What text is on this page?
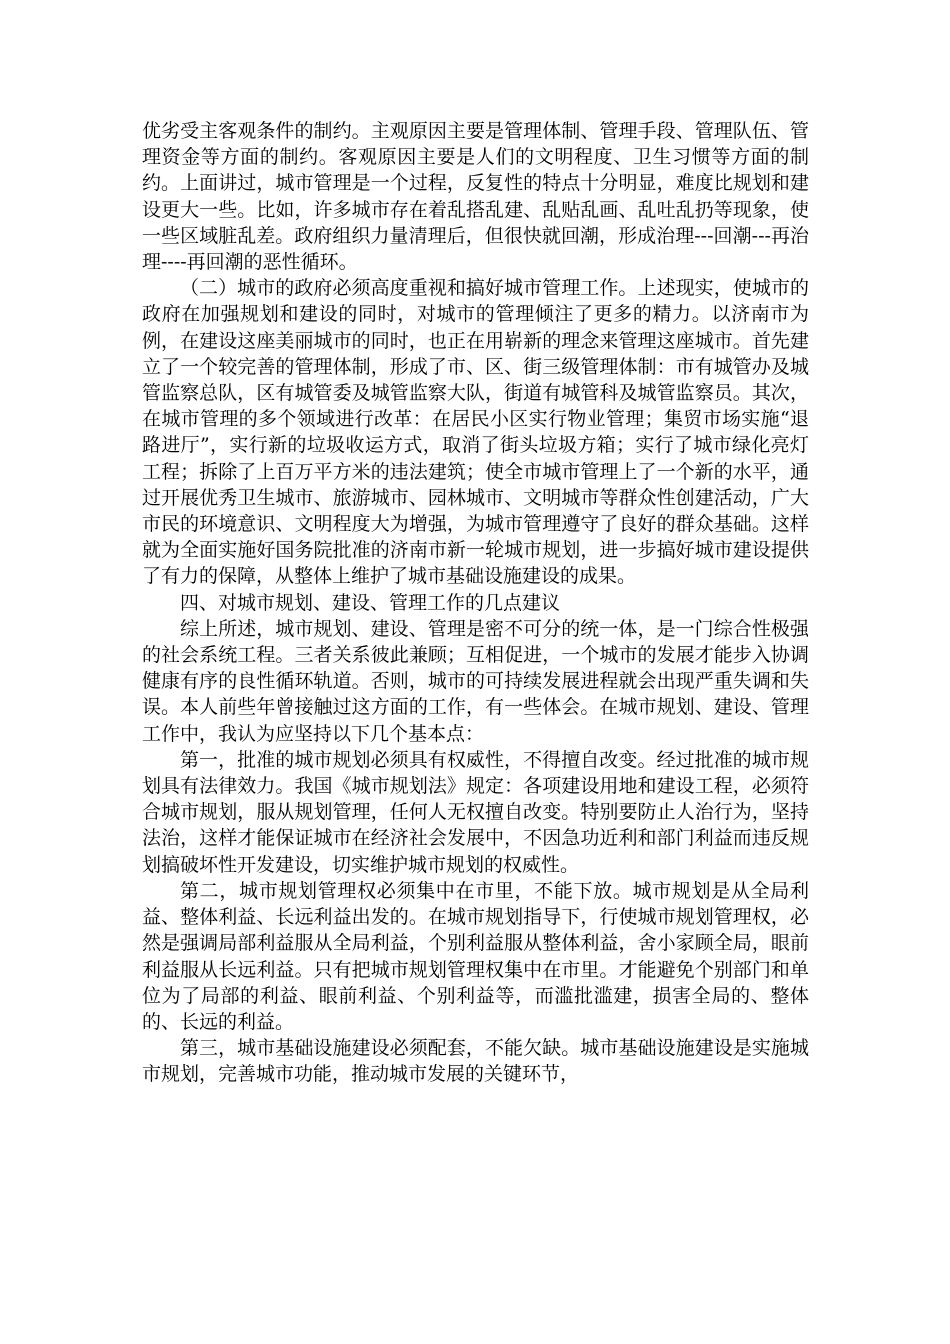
优劣受主客观条件的制约。主观原因主要是管理体制、管理手段、管理队伍、管理资金等方面的制约。客观原因主要是人们的文明程度、卫生习惯等方面的制约。上面讲过，城市管理是一个过程，反复性的特点十分明显，难度比规划和建设更大一些。比如，许多城市存在着乱搭乱建、乱贴乱画、乱吐乱扔等现象，使一些区域脏乱差。政府组织力量清理后，但很快就回潮，形成治理---回潮---再治理----再回潮的恶性循环。

（二）城市的政府必须高度重视和搞好城市管理工作。上述现实，使城市的政府在加强规划和建设的同时，对城市的管理倾注了更多的精力。以济南市为例，在建设这座美丽城市的同时，也正在用崭新的理念来管理这座城市。首先建立了一个较完善的管理体制，形成了市、区、街三级管理体制：市有城管办及城管监察总队，区有城管委及城管监察大队，街道有城管科及城管监察员。其次，在城市管理的多个领域进行改革：在居民小区实行物业管理；集贸市场实施“退路进厅”，实行新的垃圾收运方式，取消了街头垃圾方箱；实行了城市绿化亮灯工程；拆除了上百万平方米的违法建筑；使全市城市管理上了一个新的水平，通过开展优秀卫生城市、旅游城市、园林城市、文明城市等群众性创建活动，广大市民的环境意识、文明程度大为增强，为城市管理遵守了良好的群众基础。这样就为全面实施好国务院批准的济南市新一轮城市规划，进一步搞好城市建设提供了有力的保障，从整体上维护了城市基础设施建设的成果。

四、对城市规划、建设、管理工作的几点建议

综上所述，城市规划、建设、管理是密不可分的统一体，是一门综合性极强的社会系统工程。三者关系彼此兼顾；互相促进，一个城市的发展才能步入协调健康有序的良性循环轨道。否则，城市的可持续发展进程就会出现严重失调和失误。本人前些年曾接触过这方面的工作，有一些体会。在城市规划、建设、管理工作中，我认为应坚持以下几个基本点：

第一，批准的城市规划必须具有权威性，不得擅自改变。经过批准的城市规划具有法律效力。我国《城市规划法》规定：各项建设用地和建设工程，必须符合城市规划，服从规划管理，任何人无权擅自改变。特别要防止人治行为，坚持法治，这样才能保证城市在经济社会发展中，不因急功近利和部门利益而违反规划搞破坏性开发建设，切实维护城市规划的权威性。

第二，城市规划管理权必须集中在市里，不能下放。城市规划是从全局利益、整体利益、长远利益出发的。在城市规划指导下，行使城市规划管理权，必然是强调局部利益服从全局利益，个别利益服从整体利益，舍小家顾全局，眼前利益服从长远利益。只有把城市规划管理权集中在市里。才能避免个别部门和单位为了局部的利益、眼前利益、个别利益等，而滥批滥建，损害全局的、整体的、长远的利益。

第三，城市基础设施建设必须配套，不能欠缺。城市基础设施建设是实施城市规划，完善城市功能，推动城市发展的关键环节，
